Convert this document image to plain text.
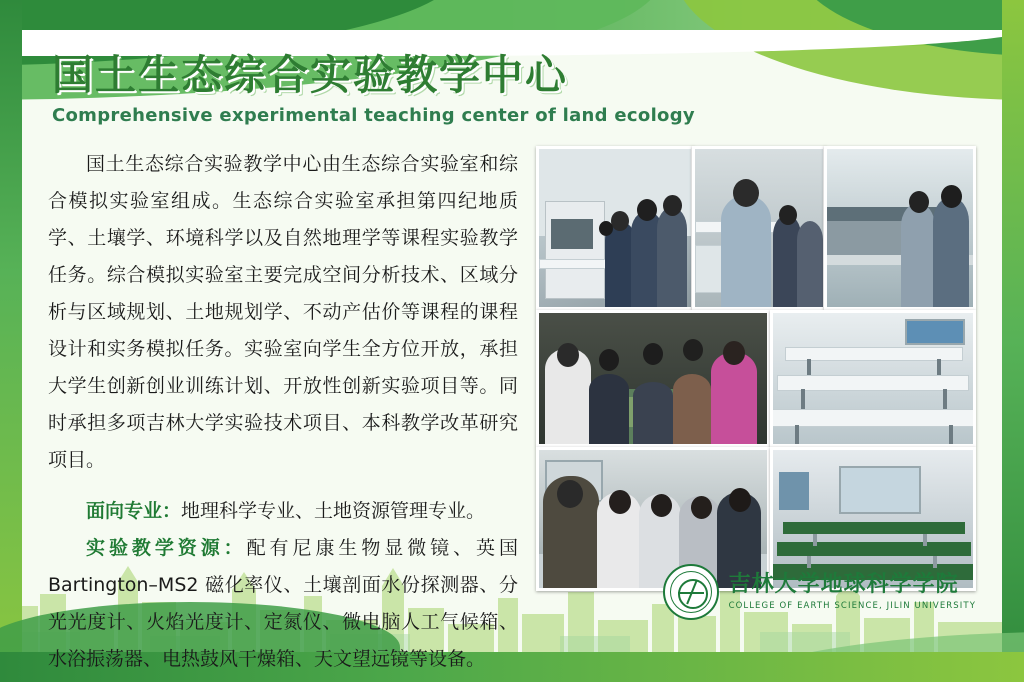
国土生态综合实验教学中心
Comprehensive experimental teaching center of land ecology

国土生态综合实验教学中心由生态综合实验室和综合模拟实验室组成。生态综合实验室承担第四纪地质学、土壤学、环境科学以及自然地理学等课程实验教学任务。综合模拟实验室主要完成空间分析技术、区域分析与区域规划、土地规划学、不动产估价等课程的课程设计和实务模拟任务。实验室向学生全方位开放，承担大学生创新创业训练计划、开放性创新实验项目等。同时承担多项吉林大学实验技术项目、本科教学改革研究项目。

面向专业：地理科学专业、土地资源管理专业。

实验教学资源：配有尼康生物显微镜、英国Bartington–MS2 磁化率仪、土壤剖面水份探测器、分光光度计、火焰光度计、定氮仪、微电脑人工气候箱、水浴振荡器、电热鼓风干燥箱、天文望远镜等设备。

吉林大学地球科学学院
COLLEGE OF EARTH SCIENCE, JILIN UNIVERSITY
